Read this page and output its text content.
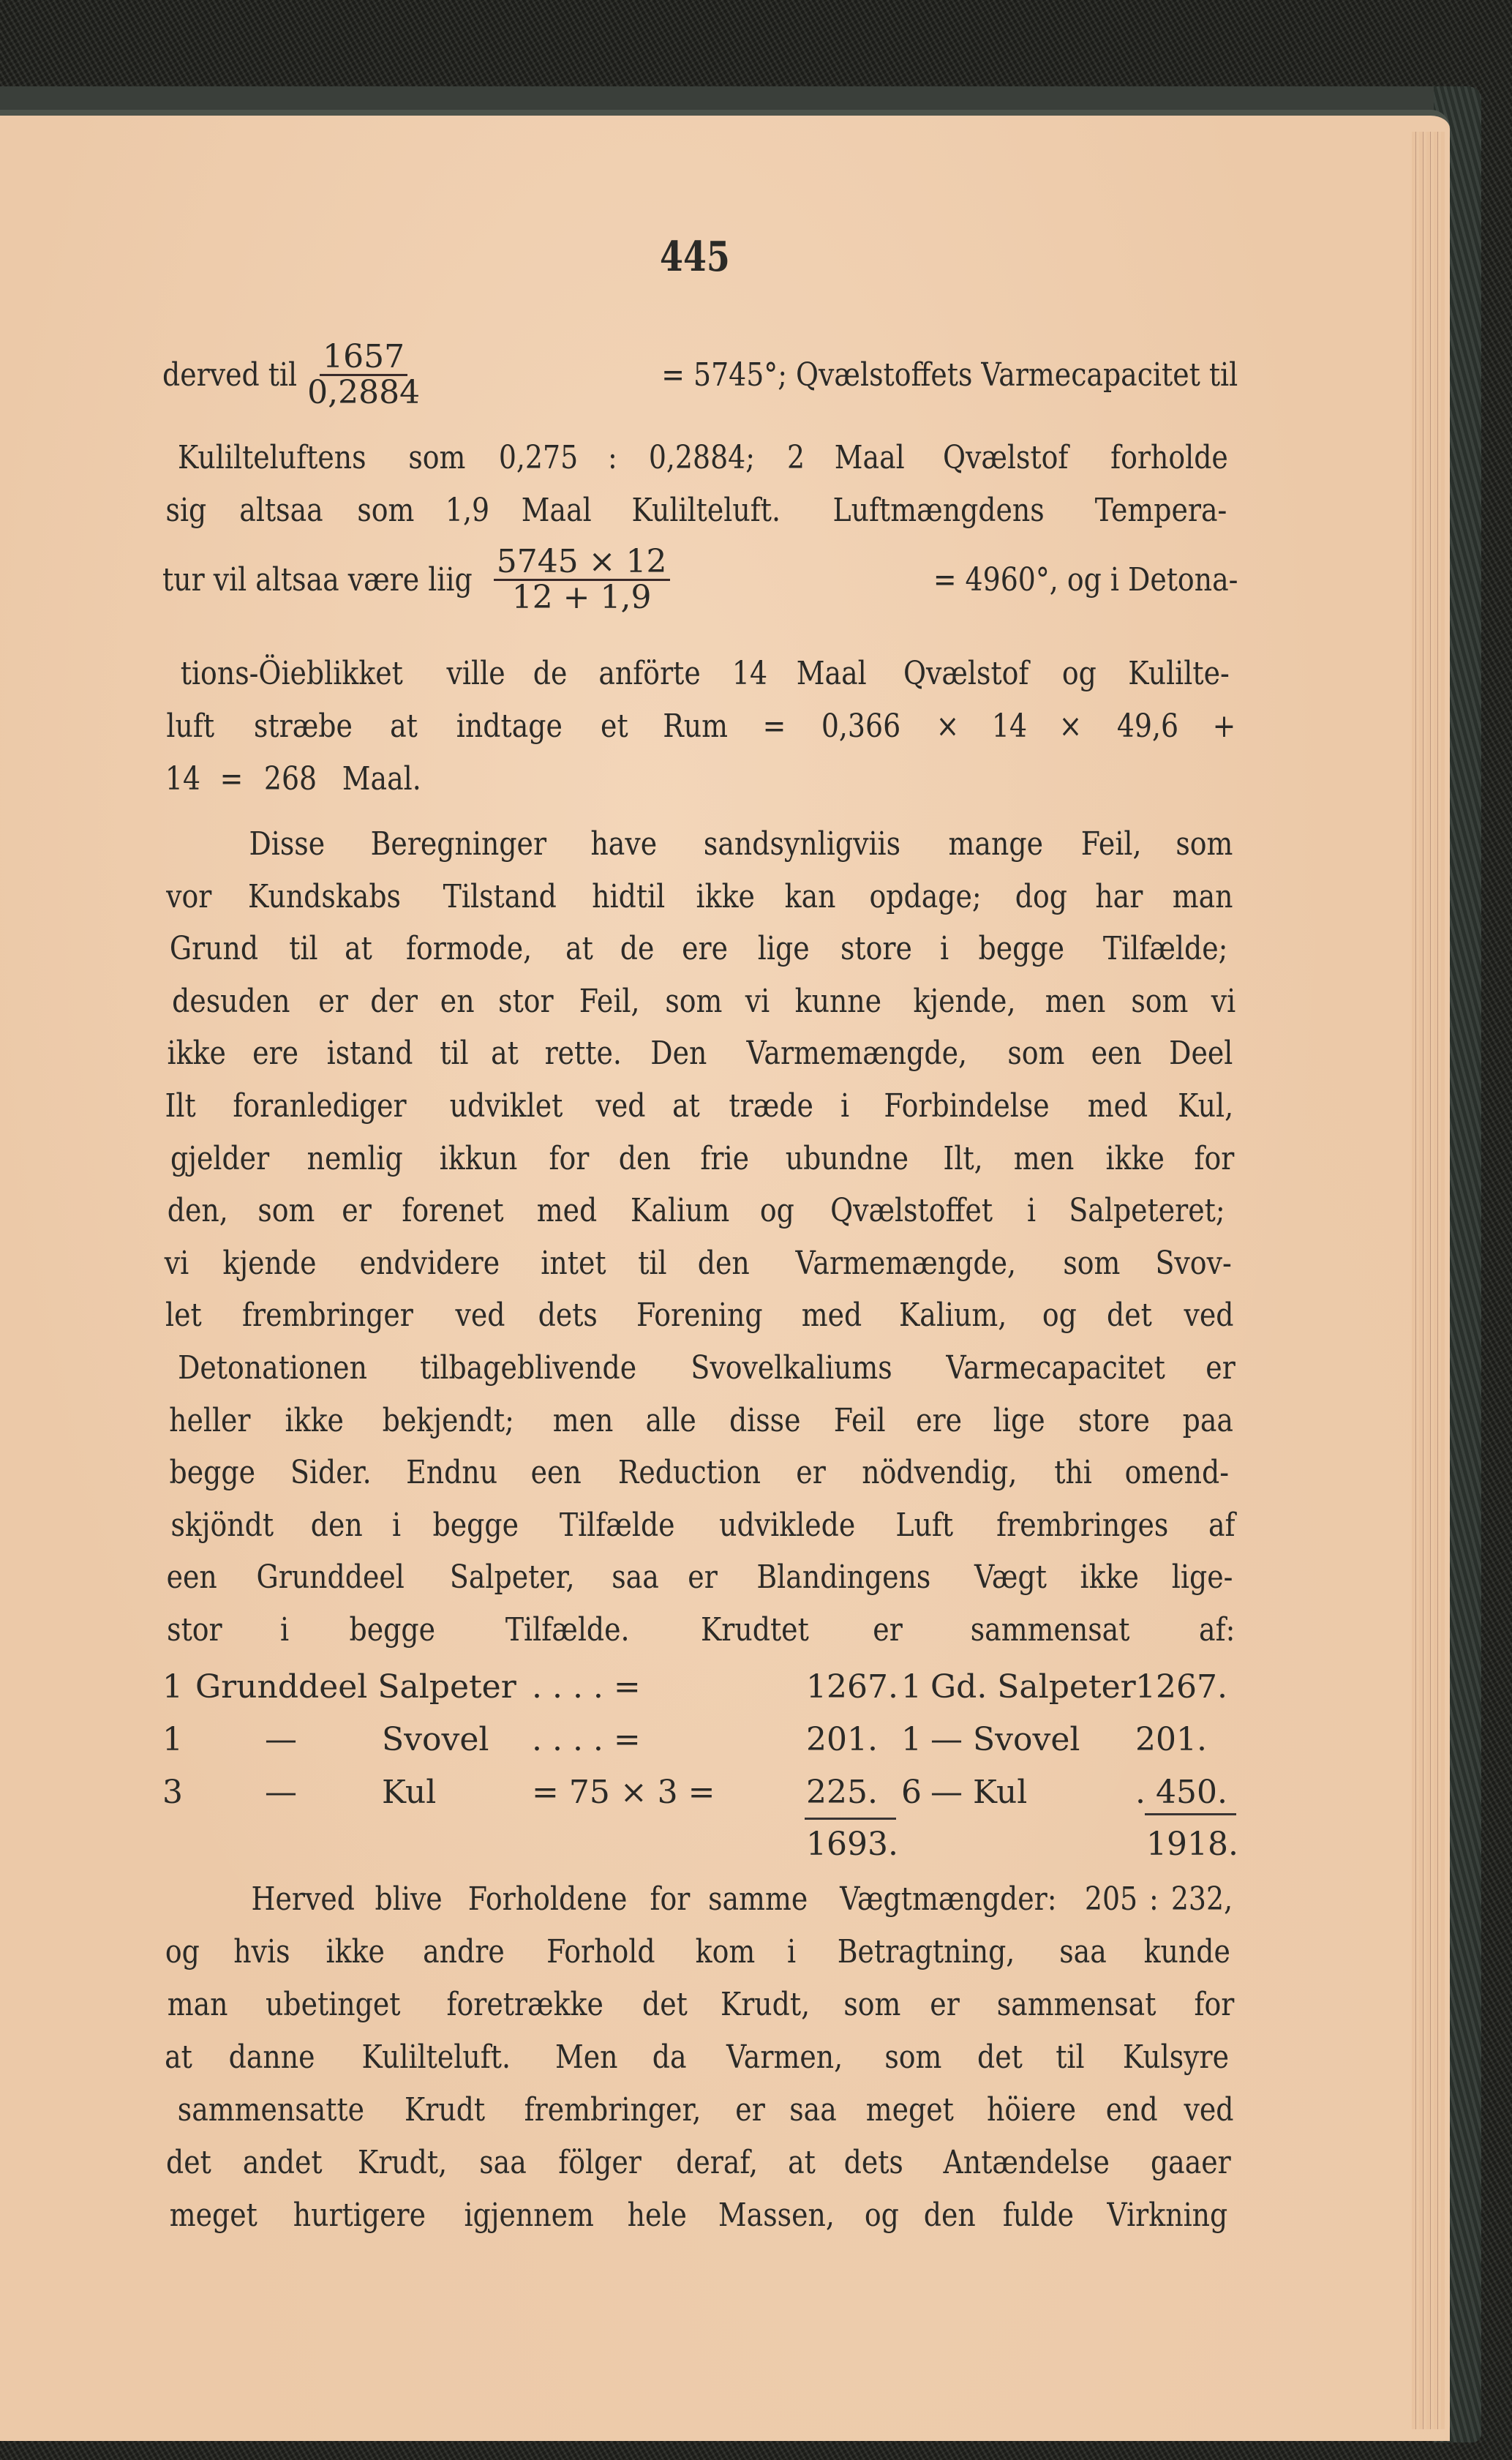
445
derved til $\frac{1657}{0,2884}$	= 5745°; Qvælstoffets Varmecapacitet til
Kulilteluftens som 0,275 : 0,2884; 2 Maal Qvælstof forholde
sig altsaa som 1,9 Maal Kulilteluft. Luftmængdens Tempera-
tur vil altsaa være liig $\frac{5745 \times 12}{12 + 1,9}$	= 4960°, og i Detona-
tions-Öieblikket ville de anförte 14 Maal Qvælstof og Kulilte-
luft stræbe at indtage et Rum = 0,366 × 14 × 49,6 +
14 = 268 Maal.
Disse Beregninger have sandsynligviis mange Feil, som
vor Kundskabs Tilstand hidtil ikke kan opdage; dog har man
Grund til at formode, at de ere lige store i begge Tilfælde;
desuden er der en stor Feil, som vi kunne kjende, men som vi
ikke ere istand til at rette. Den Varmemængde, som een Deel
Ilt foranlediger udviklet ved at træde i Forbindelse med Kul,
gjelder nemlig ikkun for den frie ubundne Ilt, men ikke for
den, som er forenet med Kalium og Qvælstoffet i Salpeteret;
vi kjende endvidere intet til den Varmemængde, som Svov-
let frembringer ved dets Forening med Kalium, og det ved
Detonationen tilbageblivende Svovelkaliums Varmecapacitet er
heller ikke bekjendt; men alle disse Feil ere lige store paa
begge Sider. Endnu een Reduction er nödvendig, thi omend-
skjöndt den i begge Tilfælde udviklede Luft frembringes af
een Grunddeel Salpeter, saa er Blandingens Vægt ikke lige-
stor i begge Tilfælde. Krudtet er sammensat af:
1 Grunddeel Salpeter . . . . =	1267. 1 Gd. Salpeter 1267.
1	—	Svovel . . . . =	201. 1 — Svovel 201.
3	—	Kul	= 75 × 3 =	225. 6 — Kul	. 450.
1693.	1918.
Herved blive Forholdene for samme Vægtmængder: 205 : 232,
og hvis ikke andre Forhold kom i Betragtning, saa kunde
man ubetinget foretrække det Krudt, som er sammensat for
at danne Kulilteluft. Men da Varmen, som det til Kulsyre
sammensatte Krudt frembringer, er saa meget höiere end ved
det andet Krudt, saa fölger deraf, at dets Antændelse gaaer
meget hurtigere igjennem hele Massen, og den fulde Virkning
